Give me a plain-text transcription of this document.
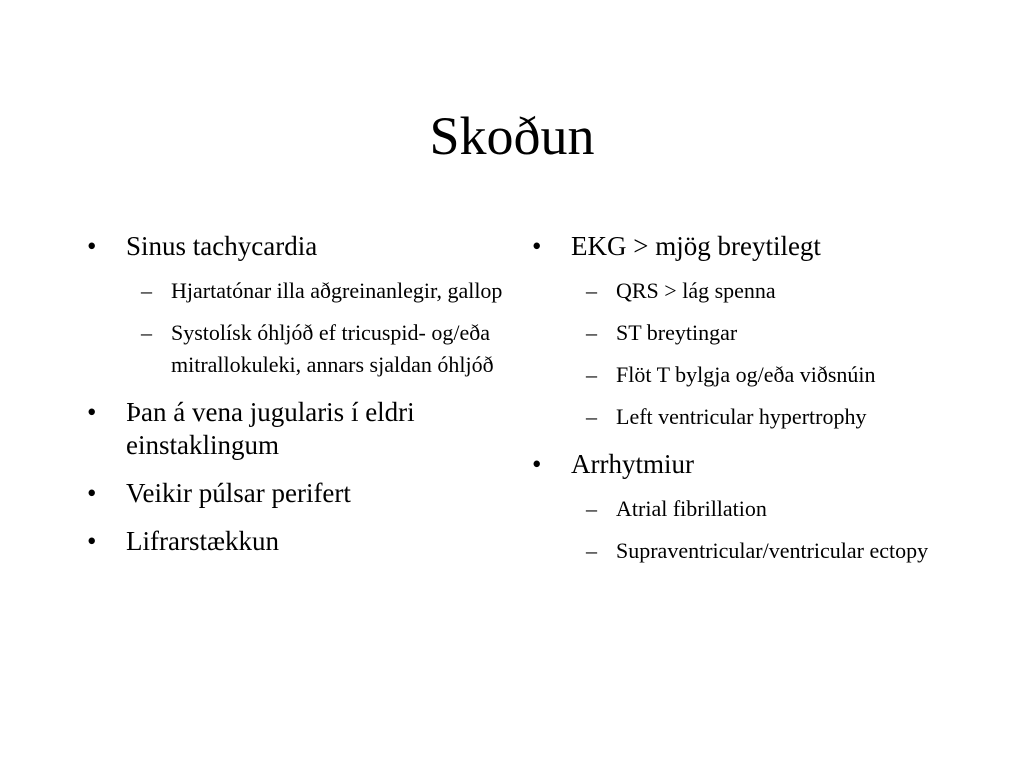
Skoðun
• Sinus tachycardia
– Hjartatónar illa aðgreinanlegir, gallop
– Systolísk óhljóð ef tricuspid- og/eða mitrallokuleki, annars sjaldan óhljóð
• Þan á vena jugularis í eldri einstaklingum
• Veikir púlsar perifert
• Lifrarstækkun
• EKG > mjög breytilegt
– QRS > lág spenna
– ST breytingar
– Flöt T bylgja og/eða viðsnúin
– Left ventricular hypertrophy
• Arrhytmiur
– Atrial fibrillation
– Supraventricular/ventricular ectopy
